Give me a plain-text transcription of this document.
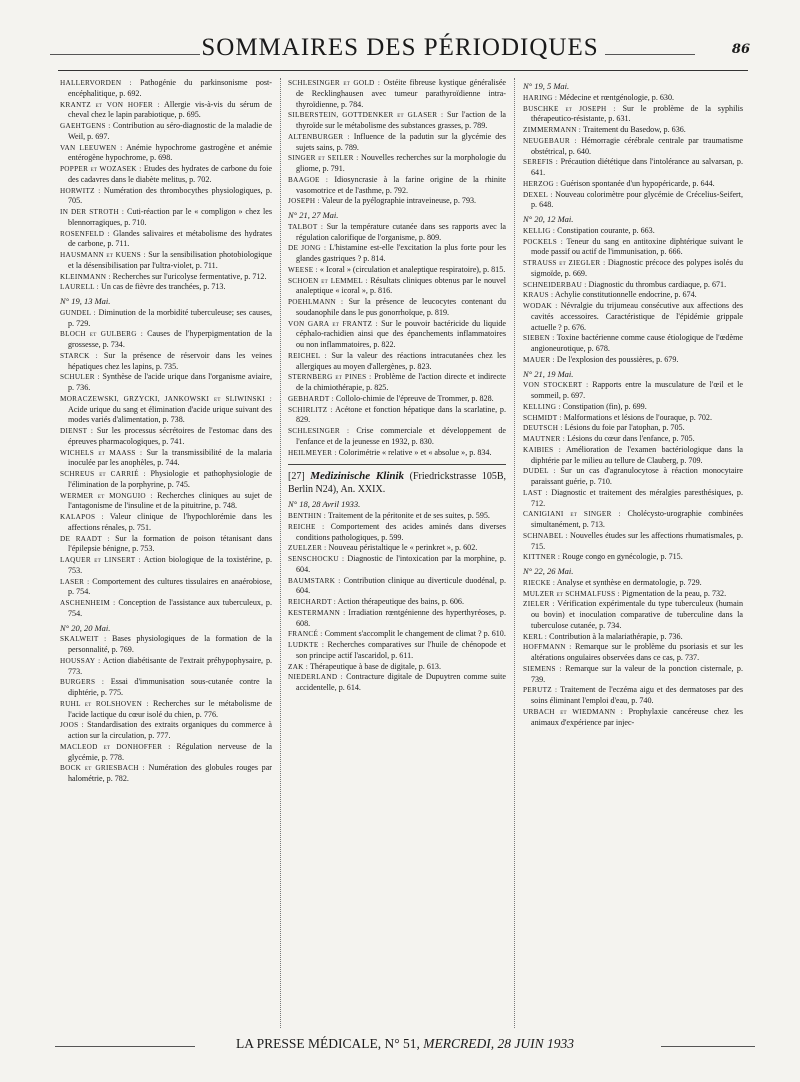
SOMMAIRES DES PÉRIODIQUES	86

HALLERVORDEN : Pathogénie du parkinsonisme post-encéphalitique, p. 692.

KRANTZ et VON HOFER : Allergie vis-à-vis du sérum de cheval chez le lapin parabiotique, p. 695.

GAEHTGENS : Contribution au séro-diagnostic de la maladie de Weil, p. 697.

VAN LEEUWEN : Anémie hypochrome gastrogène et anémie entérogène hypochrome, p. 698.

POPPER et WOZASEK : Etudes des hydrates de carbone du foie des cadavres dans le diabète melitus, p. 702.

HORWITZ : Numération des thrombocythes physiologiques, p. 705.

IN DER STROTH : Cuti-réaction par le « compligon » chez les blennorragiques, p. 710.

ROSENFELD : Glandes salivaires et métabolisme des hydrates de carbone, p. 711.

HAUSMANN et KUENS : Sur la sensibilisation photobiologique et la désensibilisation par l'ultra-violet, p. 711.

KLEINMANN : Recherches sur l'uricolyse fermentative, p. 712.

LAURELL : Un cas de fièvre des tranchées, p. 713.

N° 19, 13 Mai.

GUNDEL : Diminution de la morbidité tuberculeuse; ses causes, p. 729.

BLOCH et GULBERG : Causes de l'hyperpigmentation de la grossesse, p. 734.

STARCK : Sur la présence de réservoir dans les veines hépatiques chez les lapins, p. 735.

SCHULER : Synthèse de l'acide urique dans l'organisme aviaire, p. 736.

MORACZEWSKI, GRZYCKI, JANKOWSKI et SLIWINSKI : Acide urique du sang et élimination d'acide urique suivant des modes variés d'alimentation, p. 738.

DIENST : Sur les processus sécrétoires de l'estomac dans des épreuves pharmacologiques, p. 741.

WICHELS et MAASS : Sur la transmissibilité de la malaria inoculée par les anophèles, p. 744.

SCHREUS et CARRIÉ : Physiologie et pathophysiologie de l'élimination de la porphyrine, p. 745.

WERMER et MONGUIO : Recherches cliniques au sujet de l'antagonisme de l'insuline et de la pituitrine, p. 748.

KALAPOS : Valeur clinique de l'hypochlorémie dans les affections rénales, p. 751.

DE RAADT : Sur la formation de poison tétanisant dans l'épilepsie bénigne, p. 753.

LAQUER et LINSERT : Action biologique de la toxistérine, p. 753.

LASER : Comportement des cultures tissulaires en anaérobiose, p. 754.

ASCHENHEIM : Conception de l'assistance aux tuberculeux, p. 754.

N° 20, 20 Mai.

SKALWEIT : Bases physiologiques de la formation de la personnalité, p. 769.

HOUSSAY : Action diabétisante de l'extrait préhypophysaire, p. 773.

BURGERS : Essai d'immunisation sous-cutanée contre la diphtérie, p. 775.

RUHL et ROLSHOVEN : Recherches sur le métabolisme de l'acide lactique du cœur isolé du chien, p. 776.

JOOS : Standardisation des extraits organiques du commerce à action sur la circulation, p. 777.

MACLEOD et DONHOFFER : Régulation nerveuse de la glycémie, p. 778.

BOCK et GRIESBACH : Numération des globules rouges par halométrie, p. 782.

SCHLESINGER et GOLD : Ostéite fibreuse kystique généralisée de Recklinghausen avec tumeur parathyroïdienne intra-thyroïdienne, p. 784.

SILBERSTEIN, GOTTDENKER et GLASER : Sur l'action de la thyroïde sur le métabolisme des substances grasses, p. 789.

ALTENBURGER : Influence de la padutin sur la glycémie des sujets sains, p. 789.

SINGER et SEILER : Nouvelles recherches sur la morphologie du gliome, p. 791.

BAAGOE : Idiosyncrasie à la farine origine de la rhinite vasomotrice et de l'asthme, p. 792.

JOSEPH : Valeur de la pyélographie intraveineuse, p. 793.

N° 21, 27 Mai.

TALBOT : Sur la température cutanée dans ses rapports avec la régulation calorifique de l'organisme, p. 809.

DE JONG : L'histamine est-elle l'excitation la plus forte pour les glandes gastriques ? p. 814.

WEESE : « Icoral » (circulation et analeptique respiratoire), p. 815.

SCHOEN et LEMMEL : Résultats cliniques obtenus par le nouvel analeptique « icoral », p. 816.

POEHLMANN : Sur la présence de leucocytes contenant du soudanophile dans le pus gonorrhoïque, p. 819.

VON GARA et FRANTZ : Sur le pouvoir bactéricide du liquide céphalo-rachidien ainsi que des épanchements inflammatoires ou non inflammatoires, p. 822.

REICHEL : Sur la valeur des réactions intracutanées chez les allergiques au moyen d'allergènes, p. 823.

STERNBERG et PINES : Problème de l'action directe et indirecte de la chimiothérapie, p. 825.

GEBHARDT : Collolo-chimie de l'épreuve de Trommer, p. 828.

SCHIRLITZ : Acétone et fonction hépatique dans la scarlatine, p. 829.

SCHLESINGER : Crise commerciale et développement de l'enfance et de la jeunesse en 1932, p. 830.

HEILMEYER : Colorimétrie « relative » et « absolue », p. 834.

[27] Medizinische Klinik (Friedrickstrasse 105B, Berlin N24), An. XXIX.

N° 18, 28 Avril 1933.

BENTHIN : Traitement de la péritonite et de ses suites, p. 595.

REICHE : Comportement des acides aminés dans diverses conditions pathologiques, p. 599.

ZUELZER : Nouveau péristaltique le « perinkret », p. 602.

SENSCHOCKU : Diagnostic de l'intoxication par la morphine, p. 604.

BAUMSTARK : Contribution clinique au diverticule duodénal, p. 604.

REICHARDT : Action thérapeutique des bains, p. 606.

KESTERMANN : Irradiation rœntgénienne des hyperthyréoses, p. 608.

FRANCÉ : Comment s'accomplit le changement de climat ? p. 610.

LUDKTE : Recherches comparatives sur l'huile de chénopode et son principe actif l'ascaridol, p. 611.

ZAK : Thérapeutique à base de digitale, p. 613.

NIEDERLAND : Contracture digitale de Dupuytren comme suite accidentelle, p. 614.

N° 19, 5 Mai.

HARING : Médecine et rœntgénologie, p. 630.

BUSCHKE et JOSEPH : Sur le problème de la syphilis thérapeutico-résistante, p. 631.

ZIMMERMANN : Traitement du Basedow, p. 636.

NEUGEBAUR : Hémorragie cérébrale centrale par traumatisme obstétrical, p. 640.

SEREFIS : Précaution diététique dans l'intolérance au salvarsan, p. 641.

HERZOG : Guérison spontanée d'un hypopéricarde, p. 644.

DEXEL : Nouveau colorimètre pour glycémie de Crécelius-Seifert, p. 648.

N° 20, 12 Mai.

KELLIG : Constipation courante, p. 663.

POCKELS : Teneur du sang en antitoxine diphtérique suivant le mode passif ou actif de l'immunisation, p. 666.

STRAUSS et ZIEGLER : Diagnostic précoce des polypes isolés du sigmoïde, p. 669.

SCHNEIDERBAU : Diagnostic du thrombus cardiaque, p. 671.

KRAUS : Achylie constitutionnelle endocrine, p. 674.

WODAK : Névralgie du trijumeau consécutive aux affections des cavités accessoires. Caractéristique de l'épidémie grippale actuelle ? p. 676.

SIEBEN : Toxine bactérienne comme cause étiologique de l'œdème angioneurotique, p. 678.

MAUER : De l'explosion des poussières, p. 679.

N° 21, 19 Mai.

VON STOCKERT : Rapports entre la musculature de l'œil et le sommeil, p. 697.

KELLING : Constipation (fin), p. 699.

SCHMIDT : Malformations et lésions de l'ouraque, p. 702.

DEUTSCH : Lésions du foie par l'atophan, p. 705.

MAUTNER : Lésions du cœur dans l'enfance, p. 705.

KAIBIES : Amélioration de l'examen bactériologique dans la diphtérie par le milieu au tellure de Clauberg, p. 709.

DUDEL : Sur un cas d'agranulocytose à réaction monocytaire paraissant guérie, p. 710.

LAST : Diagnostic et traitement des méralgies paresthésiques, p. 712.

CANIGIANI et SINGER : Cholécysto-urographie combinées simultanément, p. 713.

SCHNABEL : Nouvelles études sur les affections rhumatismales, p. 715.

KITTNER : Rouge congo en gynécologie, p. 715.

N° 22, 26 Mai.

RIECKE : Analyse et synthèse en dermatologie, p. 729.

MULZER et SCHMALFUSS : Pigmentation de la peau, p. 732.

ZIELER : Vérification expérimentale du type tuberculeux (humain ou bovin) et inoculation comparative de tuberculine dans la tuberculose cutanée, p. 734.

KERL : Contribution à la malariathérapie, p. 736.

HOFFMANN : Remarque sur le problème du psoriasis et sur les altérations onguïaires observées dans ce cas, p. 737.

SIEMENS : Remarque sur la valeur de la ponction cisternale, p. 739.

PERUTZ : Traitement de l'eczéma aigu et des dermatoses par des soins éliminant l'emploi d'eau, p. 740.

URBACH et WIEDMANN : Prophylaxie cancéreuse chez les animaux d'expérience par injec-

LA PRESSE MÉDICALE, N° 51, MERCREDI, 28 JUIN 1933
